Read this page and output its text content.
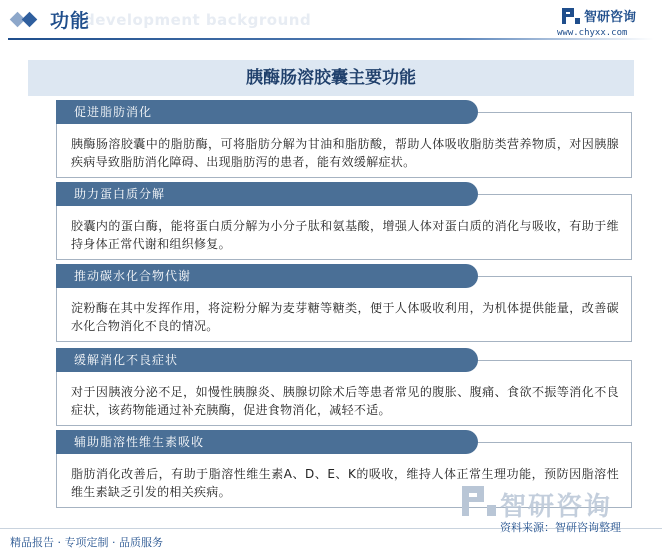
development background
功能	智研咨询
www.chyxx.com
胰酶肠溶胶囊主要功能
胰酶肠溶胶囊中的脂肪酶，可将脂肪分解为甘油和脂肪酸，帮助人体吸收脂肪类营养物质，对因胰腺疾病导致脂肪消化障碍、出现脂肪泻的患者，能有效缓解症状。
促进脂肪消化
胶囊内的蛋白酶，能将蛋白质分解为小分子肽和氨基酸，增强人体对蛋白质的消化与吸收，有助于维持身体正常代谢和组织修复。
助力蛋白质分解
淀粉酶在其中发挥作用，将淀粉分解为麦芽糖等糖类，便于人体吸收利用，为机体提供能量，改善碳水化合物消化不良的情况。
推动碳水化合物代谢
对于因胰液分泌不足，如慢性胰腺炎、胰腺切除术后等患者常见的腹胀、腹痛、食欲不振等消化不良症状，该药物能通过补充胰酶，促进食物消化，减轻不适。
缓解消化不良症状
脂肪消化改善后，有助于脂溶性维生素A、D、E、K的吸收，维持人体正常生理功能，预防因脂溶性维生素缺乏引发的相关疾病。
辅助脂溶性维生素吸收
智研咨询
精品报告 · 专项定制 · 品质服务
资料来源：智研咨询整理
